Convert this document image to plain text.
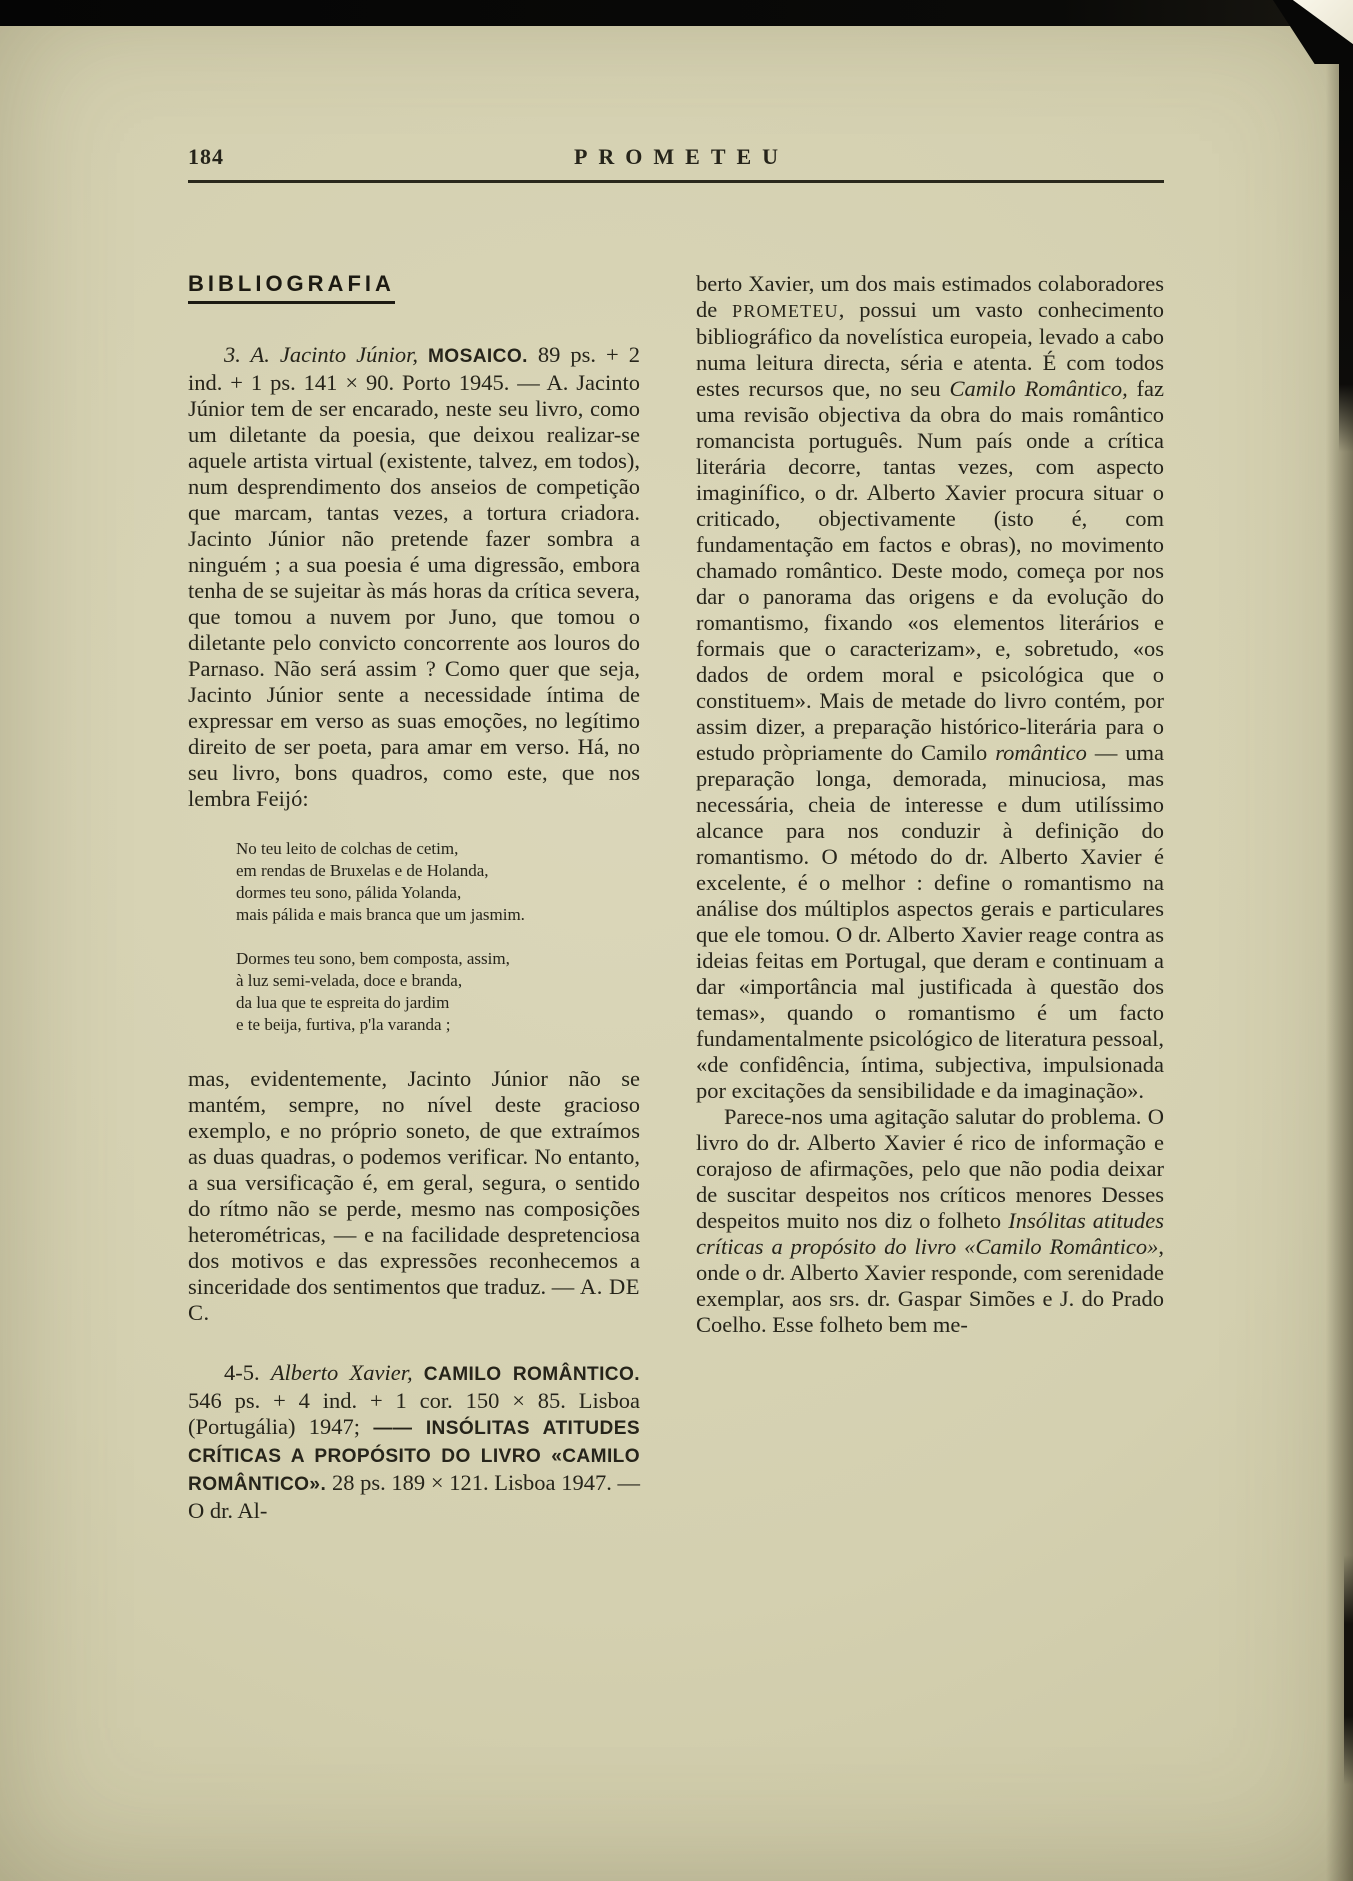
184	PROMETEU
BIBLIOGRAFIA

3. A. Jacinto Júnior, MOSAICO. 89 ps. + 2 ind. + 1 ps. 141 × 90. Porto 1945. — A. Jacinto Júnior tem de ser encarado, neste seu livro, como um diletante da poesia, que deixou realizar-se aquele artista virtual (existente, talvez, em todos), num desprendimento dos anseios de competição que marcam, tantas vezes, a tortura criadora. Jacinto Júnior não pretende fazer sombra a ninguém ; a sua poesia é uma digressão, embora tenha de se sujeitar às más horas da crítica severa, que tomou a nuvem por Juno, que tomou o diletante pelo convicto concorrente aos louros do Parnaso. Não será assim ? Como quer que seja, Jacinto Júnior sente a necessidade íntima de expressar em verso as suas emoções, no legítimo direito de ser poeta, para amar em verso. Há, no seu livro, bons quadros, como este, que nos lembra Feijó:

No teu leito de colchas de cetim,
em rendas de Bruxelas e de Holanda,
dormes teu sono, pálida Yolanda,
mais pálida e mais branca que um jasmim.
Dormes teu sono, bem composta, assim,
à luz semi-velada, doce e branda,
da lua que te espreita do jardim
e te beija, furtiva, p'la varanda ;

mas, evidentemente, Jacinto Júnior não se mantém, sempre, no nível deste gracioso exemplo, e no próprio soneto, de que extraímos as duas quadras, o podemos verificar. No entanto, a sua versificação é, em geral, segura, o sentido do rítmo não se perde, mesmo nas composições heterométricas, — e na facilidade despretenciosa dos motivos e das expressões reconhecemos a sinceridade dos sentimentos que traduz. — A. DE C.

4-5. Alberto Xavier, CAMILO ROMÂNTICO. 546 ps. + 4 ind. + 1 cor. 150 × 85. Lisboa (Portugália) 1947; —— INSÓLITAS ATITUDES CRÍTICAS A PROPÓSITO DO LIVRO «CAMILO ROMÂNTICO». 28 ps. 189 × 121. Lisboa 1947. — O dr. Al-

berto Xavier, um dos mais estimados colaboradores de PROMETEU, possui um vasto conhecimento bibliográfico da novelística europeia, levado a cabo numa leitura directa, séria e atenta. É com todos estes recursos que, no seu Camilo Romântico, faz uma revisão objectiva da obra do mais romântico romancista português. Num país onde a crítica literária decorre, tantas vezes, com aspecto imaginífico, o dr. Alberto Xavier procura situar o criticado, objectivamente (isto é, com fundamentação em factos e obras), no movimento chamado romântico. Deste modo, começa por nos dar o panorama das origens e da evolução do romantismo, fixando «os elementos literários e formais que o caracterizam», e, sobretudo, «os dados de ordem moral e psicológica que o constituem». Mais de metade do livro contém, por assim dizer, a preparação histórico-literária para o estudo pròpriamente do Camilo romântico — uma preparação longa, demorada, minuciosa, mas necessária, cheia de interesse e dum utilíssimo alcance para nos conduzir à definição do romantismo. O método do dr. Alberto Xavier é excelente, é o melhor : define o romantismo na análise dos múltiplos aspectos gerais e particulares que ele tomou. O dr. Alberto Xavier reage contra as ideias feitas em Portugal, que deram e continuam a dar «importância mal justificada à questão dos temas», quando o romantismo é um facto fundamentalmente psicológico de literatura pessoal, «de confidência, íntima, subjectiva, impulsionada por excitações da sensibilidade e da imaginação».

Parece-nos uma agitação salutar do problema. O livro do dr. Alberto Xavier é rico de informação e corajoso de afirmações, pelo que não podia deixar de suscitar despeitos nos críticos menores Desses despeitos muito nos diz o folheto Insólitas atitudes críticas a propósito do livro «Camilo Romântico», onde o dr. Alberto Xavier responde, com serenidade exemplar, aos srs. dr. Gaspar Simões e J. do Prado Coelho. Esse folheto bem me-
